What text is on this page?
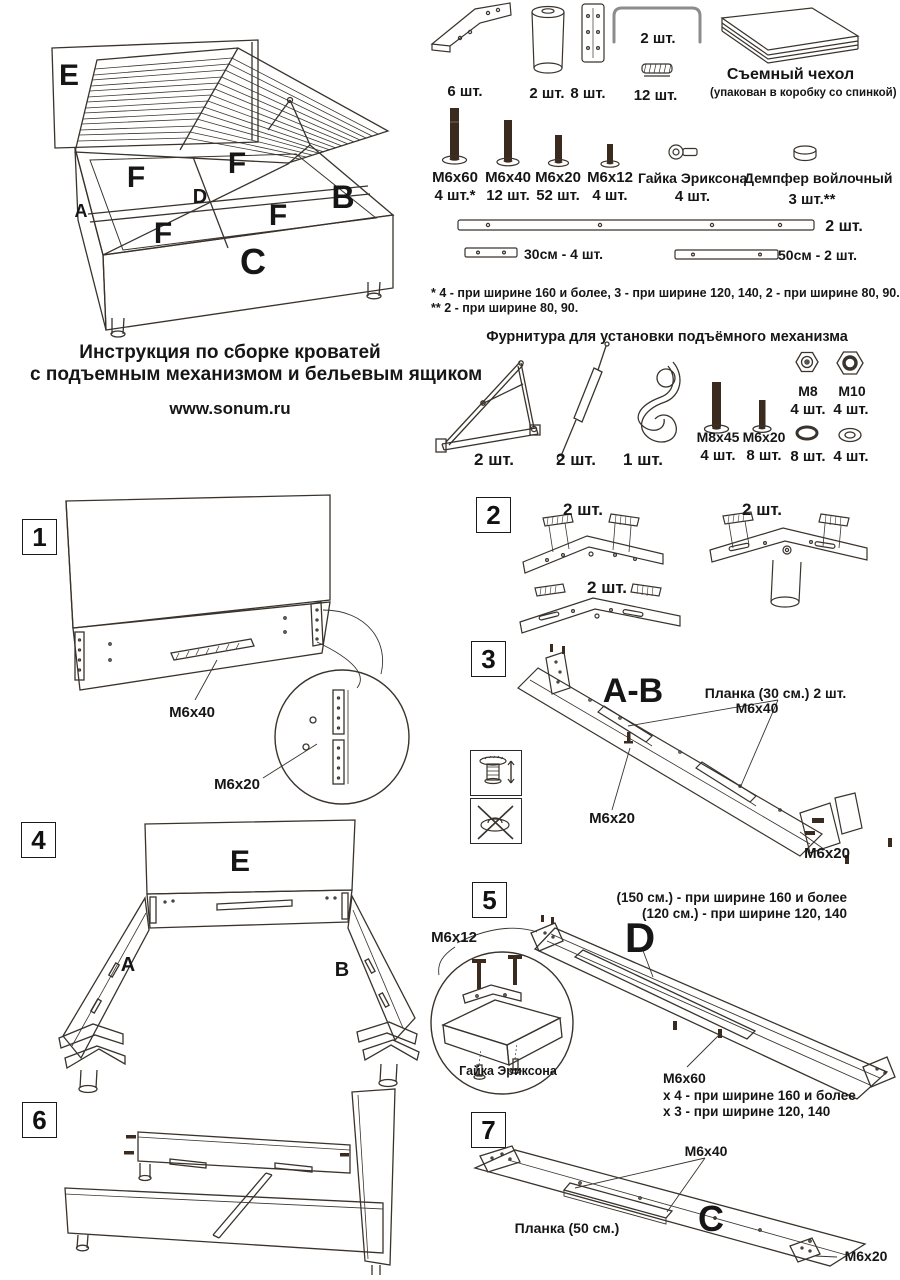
E
F	F
F
F
D
A	B
C
6 шт.	2 шт. 8 шт.
2 шт.
12 шт.
Съемный чехол
(упакован в коробку со спинкой)
М6х60 М6х40 М6х20 М6х12
4 шт.* 12 шт. 52 шт. 4 шт.
Гайка Эриксона
4 шт.
Демпфер войлочный
3 шт.**
2 шт.
30см - 4 шт.	50см - 2 шт.
* 4 - при ширине 160 и более, 3 - при ширине 120, 140, 2 - при ширине 80, 90.
** 2 - при ширине 80, 90.
Инструкция по сборке кроватей
с подъемным механизмом и бельевым ящиком
www.sonum.ru
Фурнитура для установки подъёмного механизма
2 шт.	2 шт.	1 шт.
М8х45
4 шт.
М6х20
8 шт.
М8
4 шт.
М10
4 шт.
8 шт. 4 шт.
1
М6х40
М6х20
2	2 шт.	2 шт.
2 шт.
3
А-В	Планка (30 см.) 2 шт.
М6х40
М6х20
М6х20
4
E
A	B
5	(150 см.) - при ширине 160 и более
(120 см.) - при ширине 120, 140
D
М6х12
Гайка Эриксона	М6х60
х 4 - при ширине 160 и более
х 3 - при ширине 120, 140
6	7
М6х40
Планка (50 см.) C
М6х20
